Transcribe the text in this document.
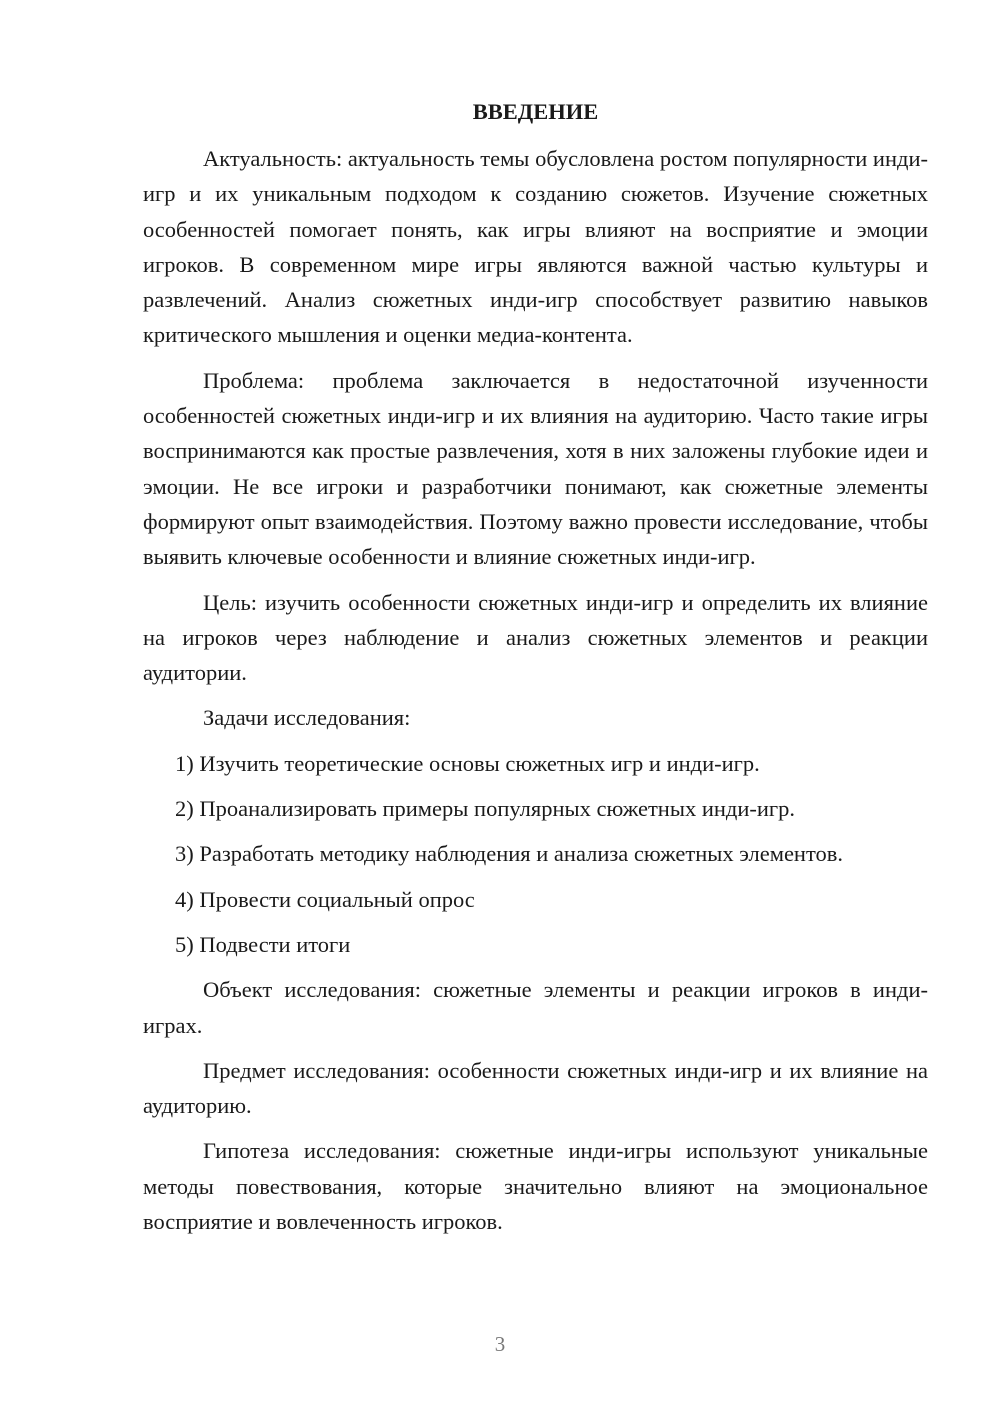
ВВЕДЕНИЕ

Актуальность: актуальность темы обусловлена ростом популярности инди-игр и их уникальным подходом к созданию сюжетов. Изучение сюжетных особенностей помогает понять, как игры влияют на восприятие и эмоции игроков. В современном мире игры являются важной частью культуры и развлечений. Анализ сюжетных инди-игр способствует развитию навыков критического мышления и оценки медиа-контента.

Проблема: проблема заключается в недостаточной изученности особенностей сюжетных инди-игр и их влияния на аудиторию. Часто такие игры воспринимаются как простые развлечения, хотя в них заложены глубокие идеи и эмоции. Не все игроки и разработчики понимают, как сюжетные элементы формируют опыт взаимодействия. Поэтому важно провести исследование, чтобы выявить ключевые особенности и влияние сюжетных инди-игр.

Цель: изучить особенности сюжетных инди-игр и определить их влияние на игроков через наблюдение и анализ сюжетных элементов и реакции аудитории.

Задачи исследования:

1) Изучить теоретические основы сюжетных игр и инди-игр.
2) Проанализировать примеры популярных сюжетных инди-игр.
3) Разработать методику наблюдения и анализа сюжетных элементов.
4) Провести социальный опрос
5) Подвести итоги

Объект исследования: сюжетные элементы и реакции игроков в инди-играх.

Предмет исследования: особенности сюжетных инди-игр и их влияние на аудиторию.

Гипотеза исследования: сюжетные инди-игры используют уникальные методы повествования, которые значительно влияют на эмоциональное восприятие и вовлеченность игроков.

3
